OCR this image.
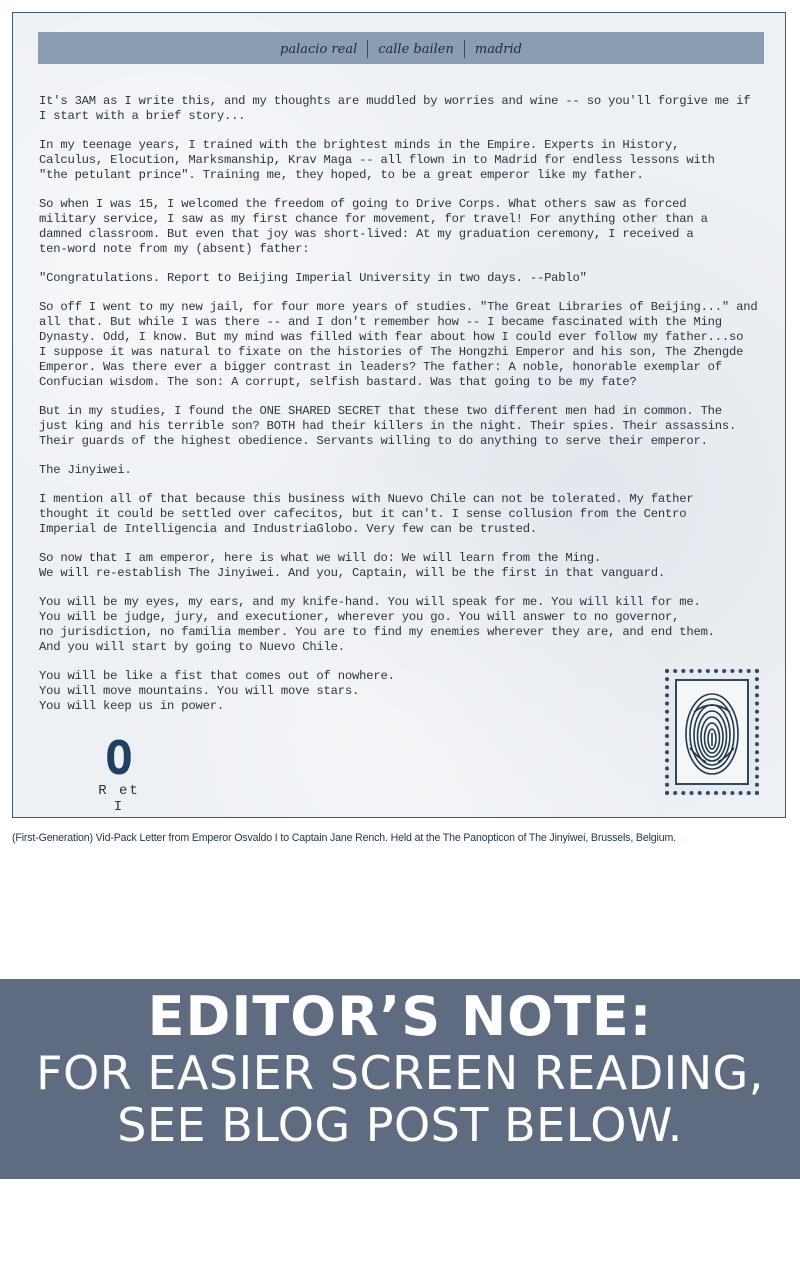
palacio real	calle bailen	madrid

It's 3AM as I write this, and my thoughts are muddled by worries and wine -- so you'll forgive me if
I start with a brief story...

In my teenage years, I trained with the brightest minds in the Empire. Experts in History,
Calculus, Elocution, Marksmanship, Krav Maga -- all flown in to Madrid for endless lessons with
"the petulant prince". Training me, they hoped, to be a great emperor like my father.

So when I was 15, I welcomed the freedom of going to Drive Corps. What others saw as forced
military service, I saw as my first chance for movement, for travel! For anything other than a
damned classroom. But even that joy was short-lived: At my graduation ceremony, I received a
ten-word note from my (absent) father:

"Congratulations. Report to Beijing Imperial University in two days. --Pablo"

So off I went to my new jail, for four more years of studies. "The Great Libraries of Beijing..." and
all that. But while I was there -- and I don't remember how -- I became fascinated with the Ming
Dynasty. Odd, I know. But my mind was filled with fear about how I could ever follow my father...so
I suppose it was natural to fixate on the histories of The Hongzhi Emperor and his son, The Zhengde
Emperor. Was there ever a bigger contrast in leaders? The father: A noble, honorable exemplar of
Confucian wisdom. The son: A corrupt, selfish bastard. Was that going to be my fate?

But in my studies, I found the ONE SHARED SECRET that these two different men had in common. The
just king and his terrible son? BOTH had their killers in the night. Their spies. Their assassins.
Their guards of the highest obedience. Servants willing to do anything to serve their emperor.

The Jinyiwei.

I mention all of that because this business with Nuevo Chile can not be tolerated. My father
thought it could be settled over cafecitos, but it can't. I sense collusion from the Centro
Imperial de Intelligencia and IndustriaGlobo. Very few can be trusted.

So now that I am emperor, here is what we will do: We will learn from the Ming.
We will re-establish The Jinyiwei. And you, Captain, will be the first in that vanguard.

You will be my eyes, my ears, and my knife-hand. You will speak for me. You will kill for me.
You will be judge, jury, and executioner, wherever you go. You will answer to no governor,
no jurisdiction, no familia member. You are to find my enemies wherever they are, and end them.
And you will start by going to Nuevo Chile.

You will be like a fist that comes out of nowhere.
You will move mountains. You will move stars.
You will keep us in power.

O
R et I
(First-Generation) Vid-Pack Letter from Emperor Osvaldo I to Captain Jane Rench. Held at the The Panopticon of The Jinyiwei, Brussels, Belgium.
EDITOR’S NOTE:
FOR EASIER SCREEN READING,
SEE BLOG POST BELOW.
